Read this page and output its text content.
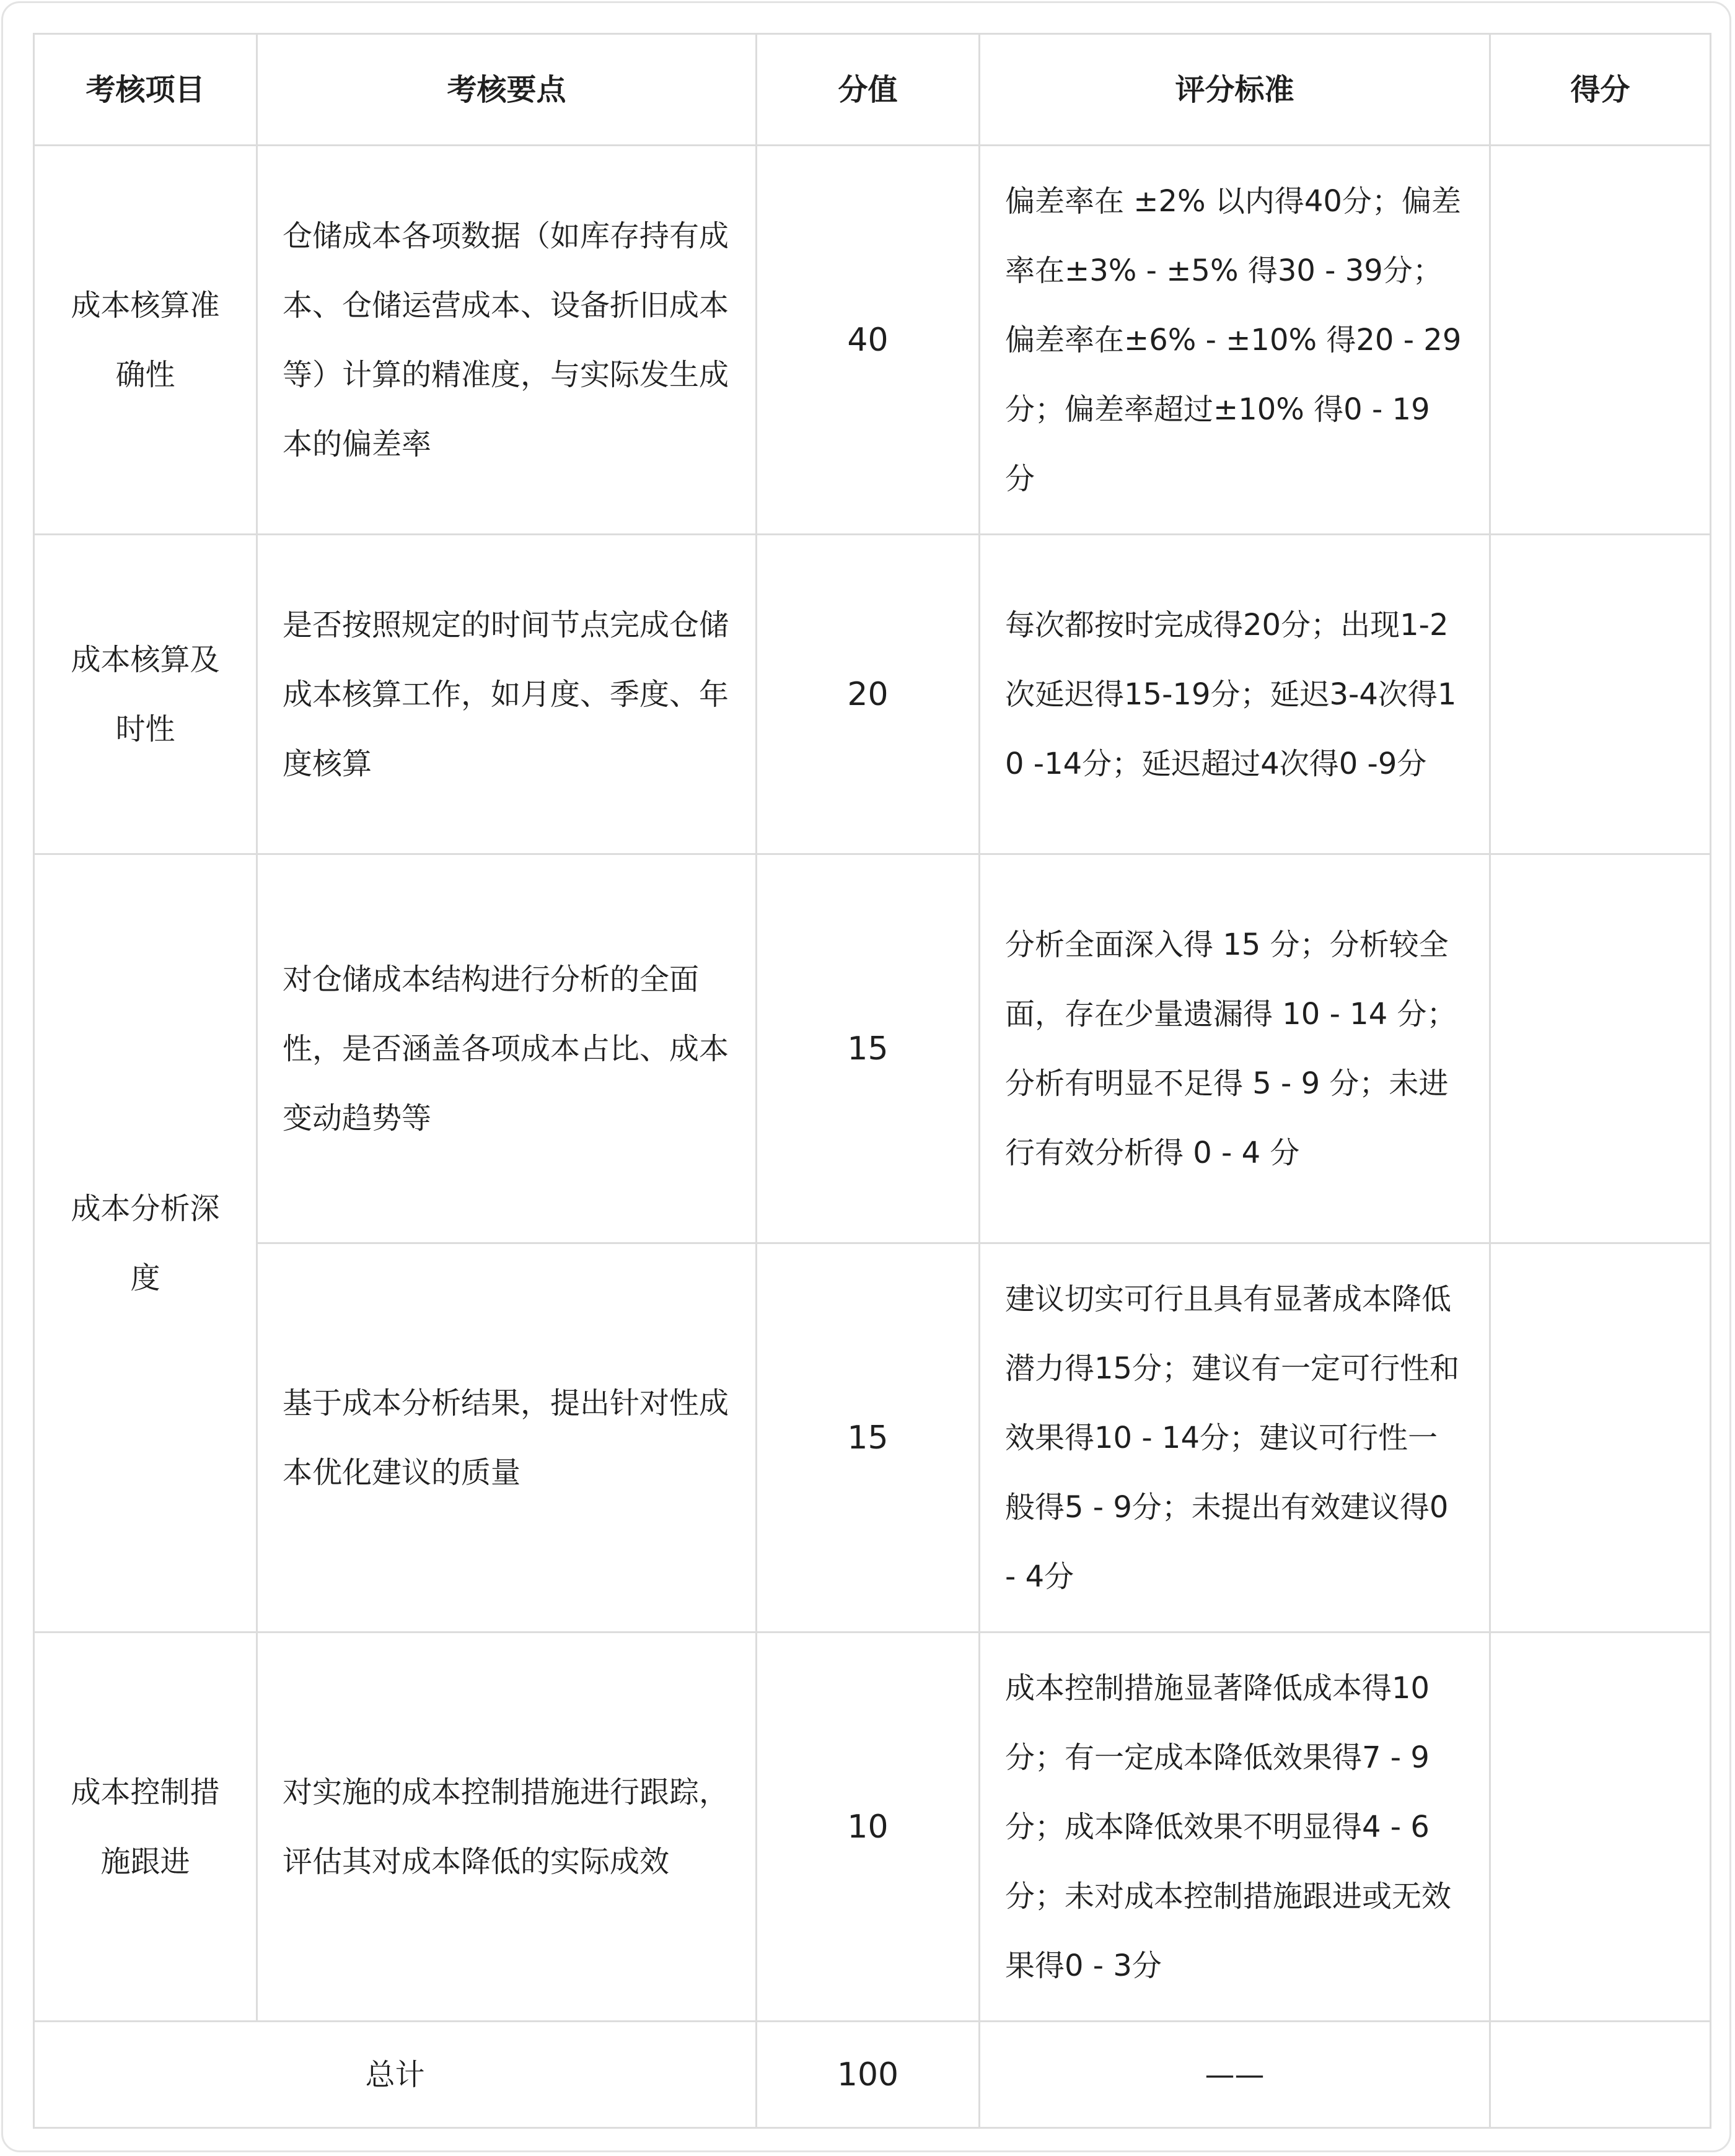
考核项目	考核要点	分值	评分标准	得分
成本核算准确性	仓储成本各项数据（如库存持有成本、仓储运营成本、设备折旧成本等）计算的精准度，与实际发生成本的偏差率	40	偏差率在 ±2% 以内得40分；偏差率在±3% - ±5% 得30 - 39分；偏差率在±6% - ±10% 得20 - 29分；偏差率超过±10% 得0 - 19 分	
成本核算及时性	是否按照规定的时间节点完成仓储成本核算工作，如月度、季度、年度核算	20	每次都按时完成得20分；出现1-2次延迟得15-19分；延迟3-4次得10 -14分；延迟超过4次得0 -9分	
成本分析深度	对仓储成本结构进行分析的全面性，是否涵盖各项成本占比、成本变动趋势等	15	分析全面深入得 15 分；分析较全面，存在少量遗漏得 10 - 14 分；分析有明显不足得 5 - 9 分；未进行有效分析得 0 - 4 分	
	基于成本分析结果，提出针对性成本优化建议的质量	15	建议切实可行且具有显著成本降低潜力得15分；建议有一定可行性和效果得10 - 14分；建议可行性一般得5 - 9分；未提出有效建议得0 - 4分	
成本控制措施跟进	对实施的成本控制措施进行跟踪，评估其对成本降低的实际成效	10	成本控制措施显著降低成本得10 分；有一定成本降低效果得7 - 9分；成本降低效果不明显得4 - 6分；未对成本控制措施跟进或无效果得0 - 3分	
总计		100	——	
